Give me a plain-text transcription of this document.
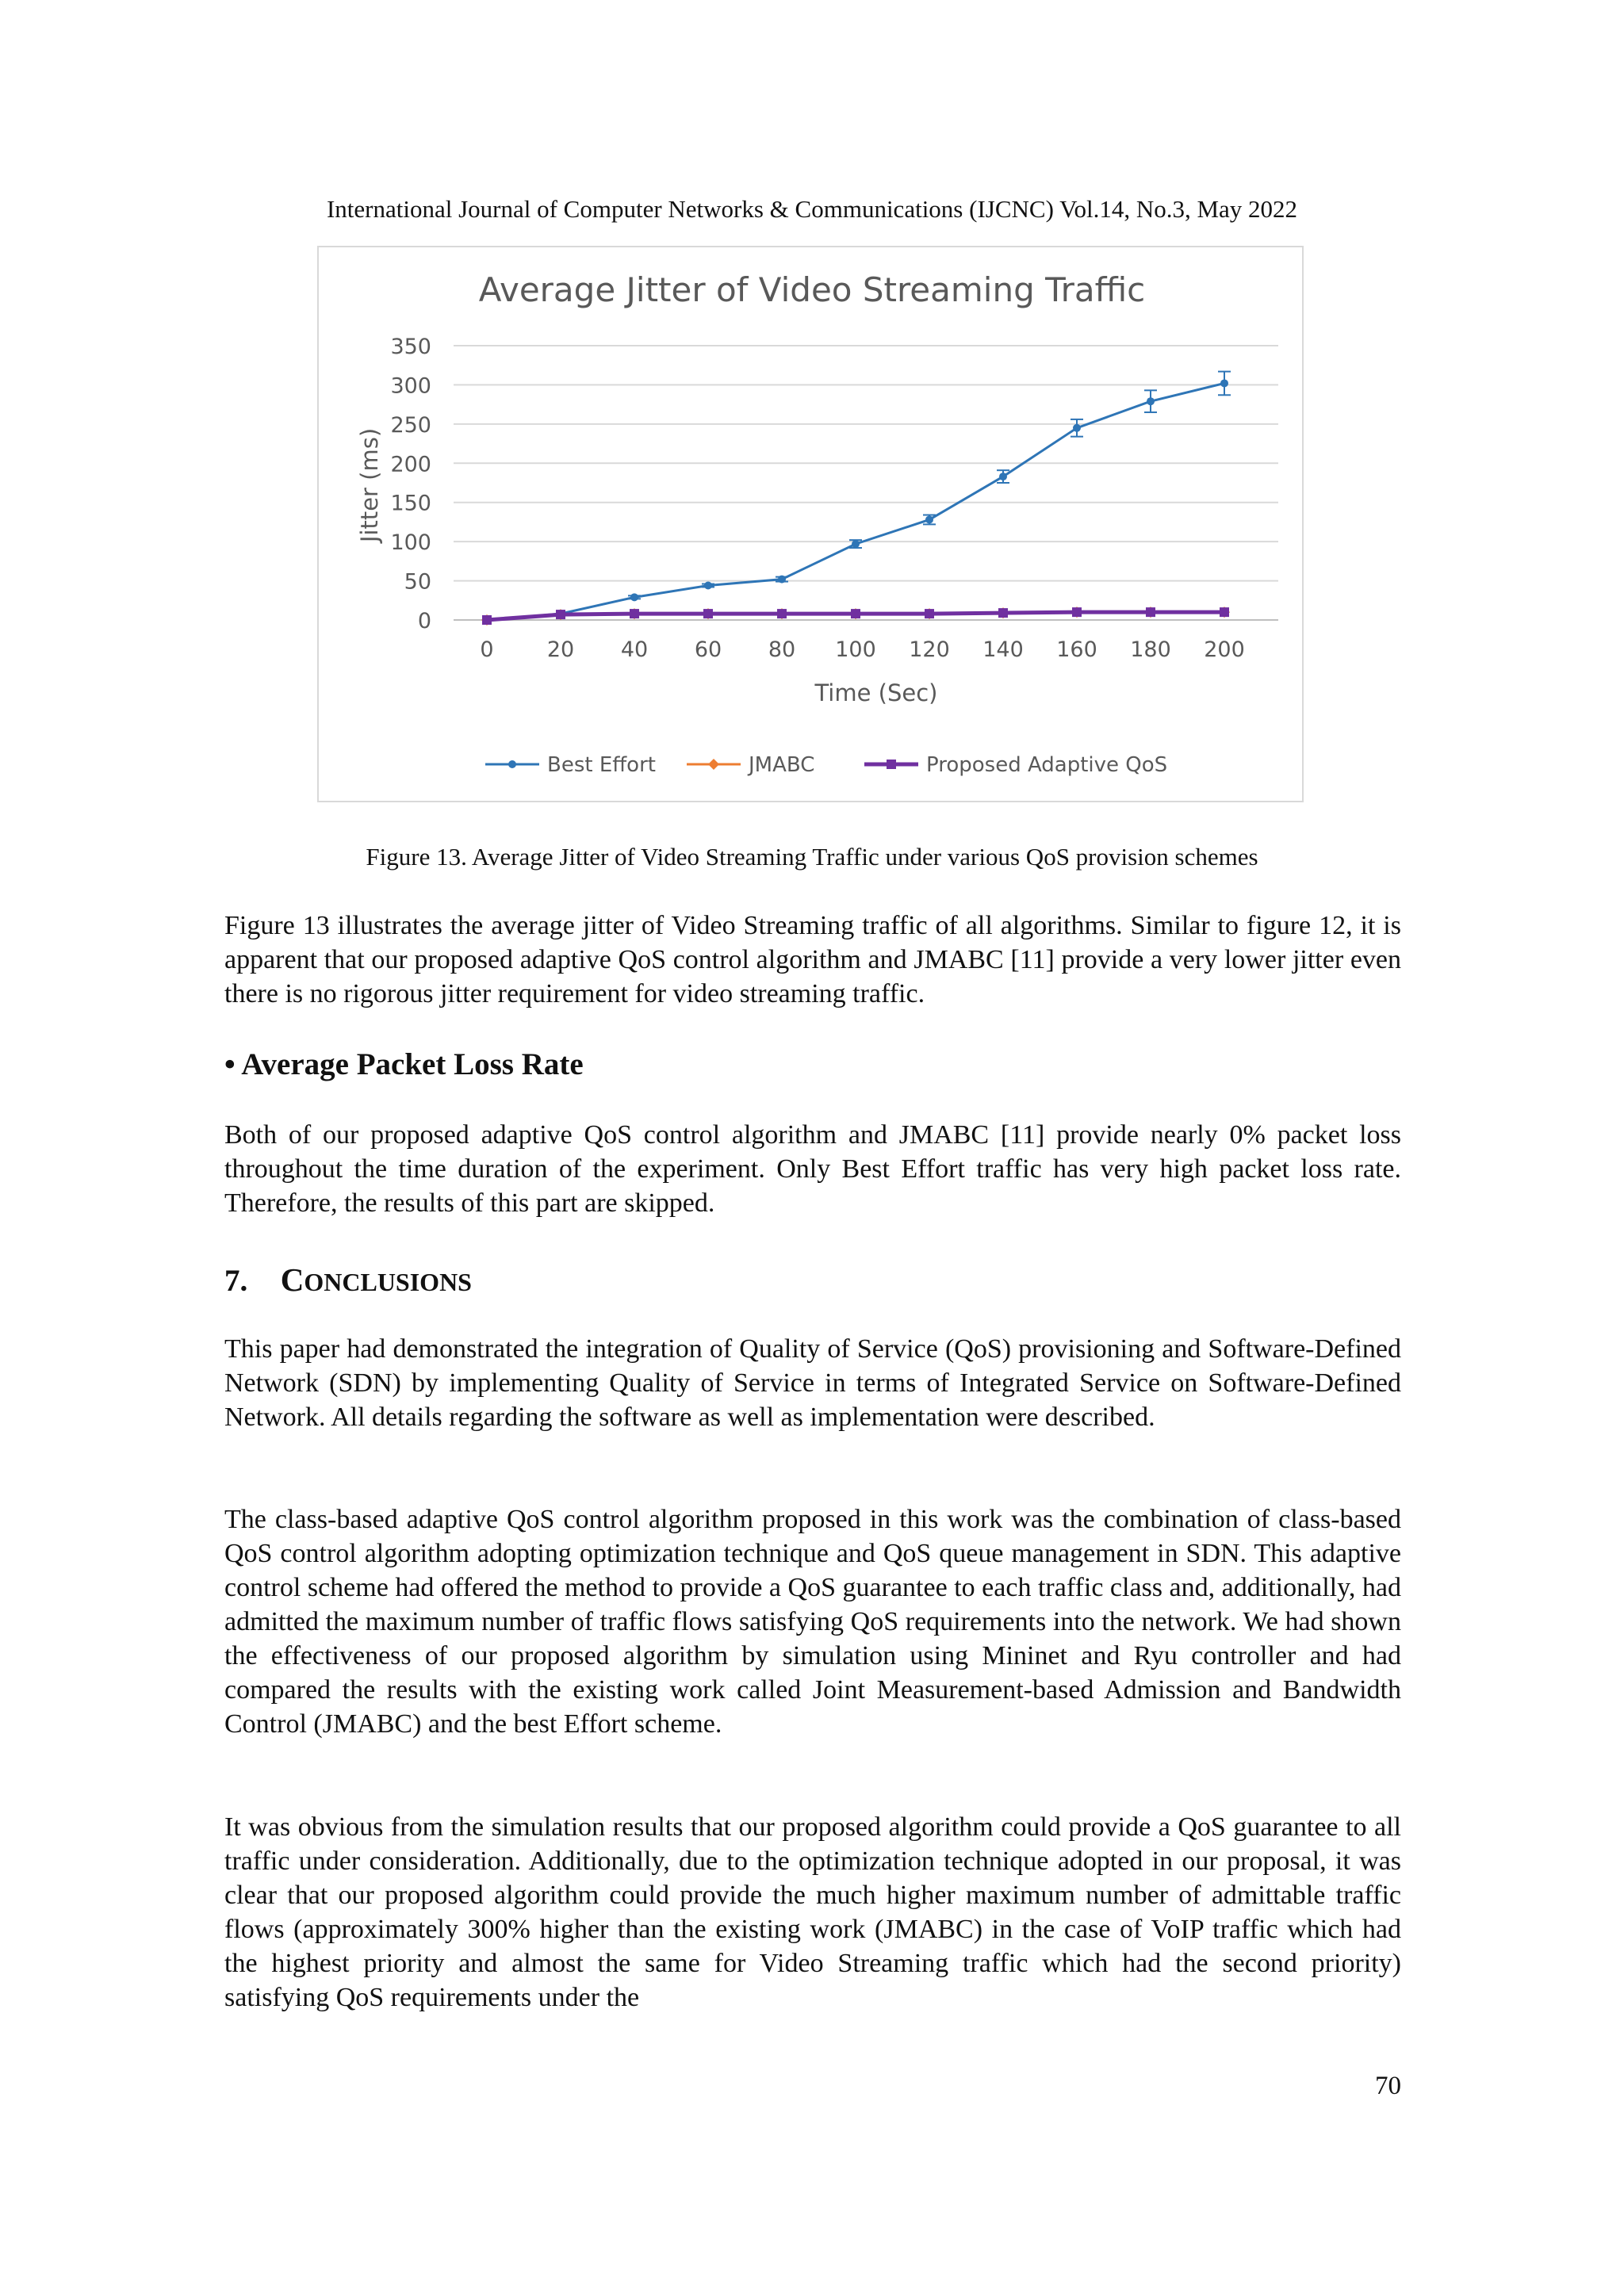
International Journal of Computer Networks & Communications (IJCNC) Vol.14, No.3, May 2022
Average Jitter of Video Streaming Traffic
0
50
100
150
200
250
300
350
0 20 40 60 80 100 120 140 160 180 200
Jitter (ms)
Time (Sec)
Best Effort	JMABC	Proposed Adaptive QoS
Figure 13. Average Jitter of Video Streaming Traffic under various QoS provision schemes

Figure 13 illustrates the average jitter of Video Streaming traffic of all algorithms. Similar to figure 12, it is apparent that our proposed adaptive QoS control algorithm and JMABC [11] provide a very lower jitter even there is no rigorous jitter requirement for video streaming traffic.

• Average Packet Loss Rate

Both of our proposed adaptive QoS control algorithm and JMABC [11] provide nearly 0% packet loss throughout the time duration of the experiment. Only Best Effort traffic has very high packet loss rate. Therefore, the results of this part are skipped.

7. CONCLUSIONS

This paper had demonstrated the integration of Quality of Service (QoS) provisioning and Software-Defined Network (SDN) by implementing Quality of Service in terms of Integrated Service on Software-Defined Network. All details regarding the software as well as implementation were described.

The class-based adaptive QoS control algorithm proposed in this work was the combination of class-based QoS control algorithm adopting optimization technique and QoS queue management in SDN. This adaptive control scheme had offered the method to provide a QoS guarantee to each traffic class and, additionally, had admitted the maximum number of traffic flows satisfying QoS requirements into the network. We had shown the effectiveness of our proposed algorithm by simulation using Mininet and Ryu controller and had compared the results with the existing work called Joint Measurement-based Admission and Bandwidth Control (JMABC) and the best Effort scheme.

It was obvious from the simulation results that our proposed algorithm could provide a QoS guarantee to all traffic under consideration. Additionally, due to the optimization technique adopted in our proposal, it was clear that our proposed algorithm could provide the much higher maximum number of admittable traffic flows (approximately 300% higher than the existing work (JMABC) in the case of VoIP traffic which had the highest priority and almost the same for Video Streaming traffic which had the second priority) satisfying QoS requirements under the

70
